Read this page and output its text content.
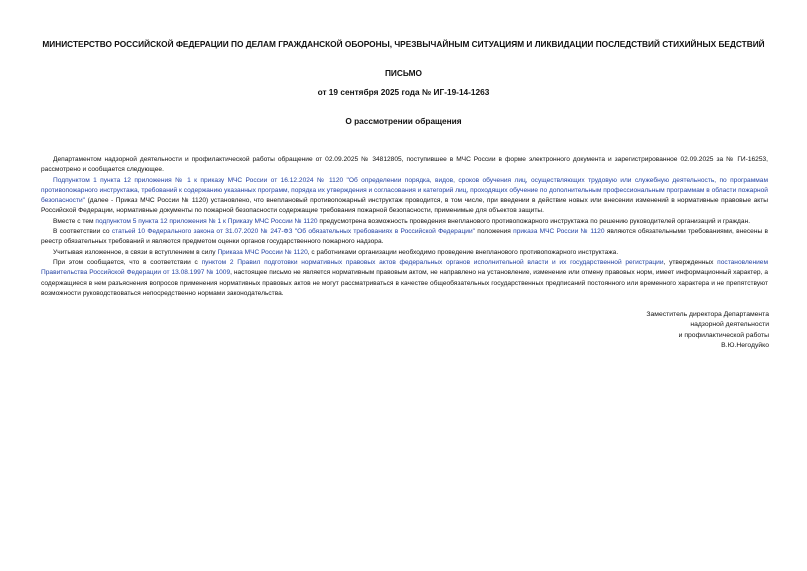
МИНИСТЕРСТВО РОССИЙСКОЙ ФЕДЕРАЦИИ ПО ДЕЛАМ ГРАЖДАНСКОЙ ОБОРОНЫ, ЧРЕЗВЫЧАЙНЫМ СИТУАЦИЯМ И ЛИКВИДАЦИИ ПОСЛЕДСТВИЙ СТИХИЙНЫХ БЕДСТВИЙ
ПИСЬМО
от 19 сентября 2025 года № ИГ-19-14-1263
О рассмотрении обращения

Департаментом надзорной деятельности и профилактической работы обращение от 02.09.2025 № 34812805, поступившее в МЧС России в форме электронного документа и зарегистрированное 02.09.2025 за № ГИ-16253, рассмотрено и сообщается следующее.

Подпунктом 1 пункта 12 приложения № 1 к приказу МЧС России от 16.12.2024 № 1120 "Об определении порядка, видов, сроков обучения лиц, осуществляющих трудовую или служебную деятельность, по программам противопожарного инструктажа, требований к содержанию указанных программ, порядка их утверждения и согласования и категорий лиц, проходящих обучение по дополнительным профессиональным программам в области пожарной безопасности" (далее - Приказ МЧС России № 1120) установлено, что внеплановый противопожарный инструктаж проводится, в том числе, при введении в действие новых или внесении изменений в нормативные правовые акты Российской Федерации, нормативные документы по пожарной безопасности содержащие требования пожарной безопасности, применимые для объектов защиты.

Вместе с тем подпунктом 5 пункта 12 приложения № 1 к Приказу МЧС России № 1120 предусмотрена возможность проведения внепланового противопожарного инструктажа по решению руководителей организаций и граждан.

В соответствии со статьей 10 Федерального закона от 31.07.2020 № 247-ФЗ "Об обязательных требованиях в Российской Федерации" положения приказа МЧС России № 1120 являются обязательными требованиями, внесены в реестр обязательных требований и являются предметом оценки органов государственного пожарного надзора.

Учитывая изложенное, в связи в вступлением в силу Приказа МЧС России № 1120, с работниками организации необходимо проведение внепланового противопожарного инструктажа.

При этом сообщается, что в соответствии с пунктом 2 Правил подготовки нормативных правовых актов федеральных органов исполнительной власти и их государственной регистрации, утвержденных постановлением Правительства Российской Федерации от 13.08.1997 № 1009, настоящее письмо не является нормативным правовым актом, не направлено на установление, изменение или отмену правовых норм, имеет информационный характер, а содержащиеся в нем разъяснения вопросов применения нормативных правовых актов не могут рассматриваться в качестве общеобязательных государственных предписаний постоянного или временного характера и не препятствуют возможности руководствоваться непосредственно нормами законодательства.

Заместитель директора Департамента
надзорной деятельности
и профилактической работы
В.Ю.Негодуйко
